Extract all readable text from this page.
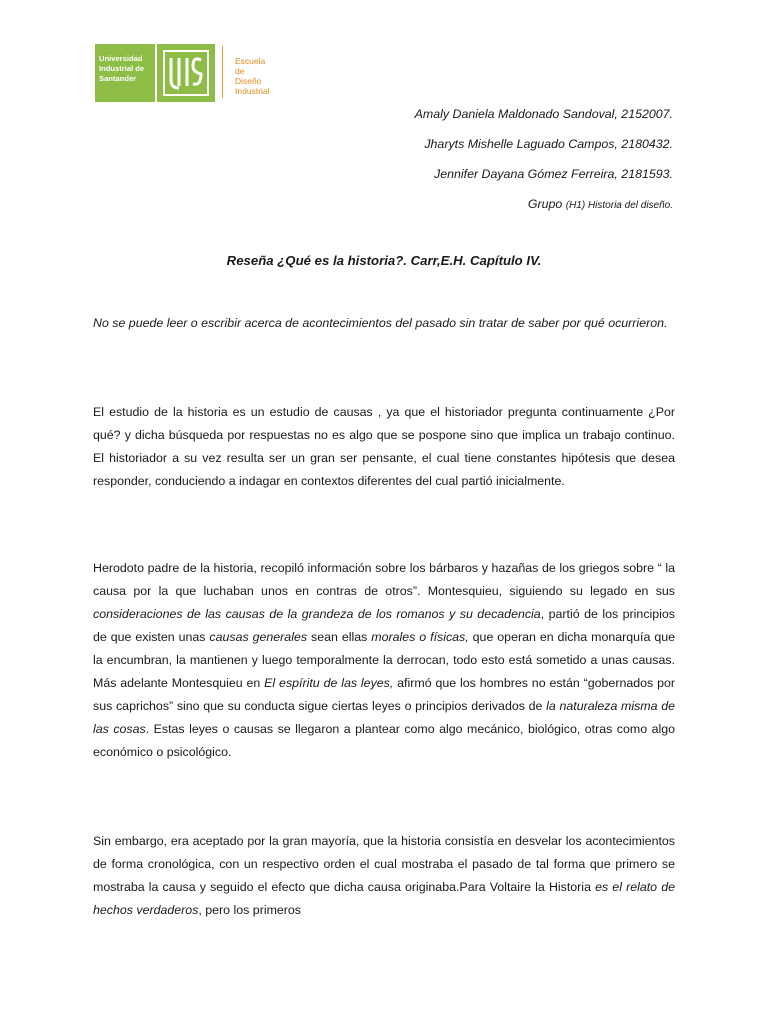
Universidad
Industrial de
Santander
Escuela
de Diseño
Industrial
Amaly Daniela Maldonado Sandoval, 2152007.
Jharyts Mishelle Laguado Campos, 2180432.
Jennifer Dayana Gómez Ferreira, 2181593.
Grupo (H1) Historia del diseño.
Reseña ¿Qué es la historia?. Carr,E.H. Capítulo IV.
No se puede leer o escribir acerca de acontecimientos del pasado sin tratar de saber por qué ocurrieron.
El estudio de la historia es un estudio de causas , ya que el historiador pregunta continuamente ¿Por qué? y dicha búsqueda por respuestas no es algo que se pospone sino que implica un trabajo continuo. El historiador a su vez resulta ser un gran ser pensante, el cual tiene constantes hipótesis que desea responder, conduciendo a indagar en contextos diferentes del cual partió inicialmente.
Herodoto padre de la historia, recopiló información sobre los bárbaros y hazañas de los griegos sobre “ la causa por la que luchaban unos en contras de otros”. Montesquieu, siguiendo su legado en sus consideraciones de las causas de la grandeza de los romanos y su decadencia, partió de los principios de que existen unas causas generales sean ellas morales o físicas, que operan en dicha monarquía que la encumbran, la mantienen y luego temporalmente la derrocan, todo esto está sometido a unas causas. Más adelante Montesquieu en El espíritu de las leyes, afirmó que los hombres no están “gobernados por sus caprichos” sino que su conducta sigue ciertas leyes o principios derivados de la naturaleza misma de las cosas. Estas leyes o causas se llegaron a plantear como algo mecánico, biológico, otras como algo económico o psicológico.
Sin embargo, era aceptado por la gran mayoría, que la historia consistía en desvelar los acontecimientos de forma cronológica, con un respectivo orden el cual mostraba el pasado de tal forma que primero se mostraba la causa y seguido el efecto que dicha causa originaba.Para Voltaire la Historia es el relato de hechos verdaderos, pero los primeros
